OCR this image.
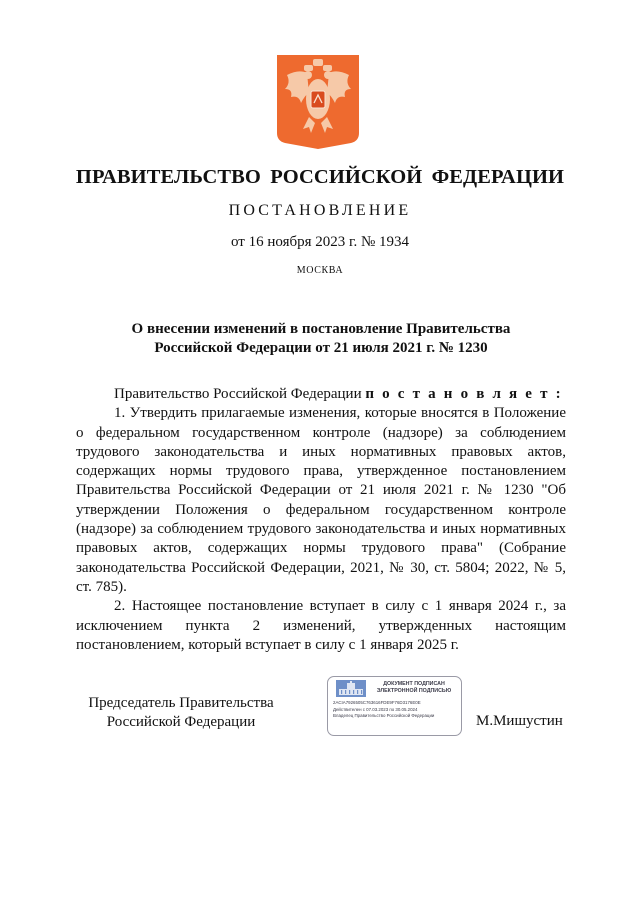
ПРАВИТЕЛЬСТВО РОССИЙСКОЙ ФЕДЕРАЦИИ
ПОСТАНОВЛЕНИЕ
от 16 ноября 2023 г. № 1934
МОСКВА
О внесении изменений в постановление Правительства
Российской Федерации от 21 июля 2021 г. № 1230

Правительство Российской Федерации п о с т а н о в л я е т :

1. Утвердить прилагаемые изменения, которые вносятся в Положение о федеральном государственном контроле (надзоре) за соблюдением трудового законодательства и иных нормативных правовых актов, содержащих нормы трудового права, утвержденное постановлением Правительства Российской Федерации от 21 июля 2021 г. № 1230 "Об утверждении Положения о федеральном государственном контроле (надзоре) за соблюдением трудового законодательства и иных нормативных правовых актов, содержащих нормы трудового права" (Собрание законодательства Российской Федерации, 2021, № 30, ст. 5804; 2022, № 5, ст. 785).

2. Настоящее постановление вступает в силу с 1 января 2024 г., за исключением пункта 2 изменений, утвержденных настоящим постановлением, который вступает в силу с 1 января 2025 г.

Председатель Правительства
Российской Федерации
ДОКУМЕНТ ПОДПИСАН ЭЛЕКТРОННОЙ ПОДПИСЬЮ
2ACIA7926505C763616FDE9F76D3176E0E
Действителен с 07.03.2023 по 30.05.2024
Владелец Правительство Российской Федерации	М.Мишустин
